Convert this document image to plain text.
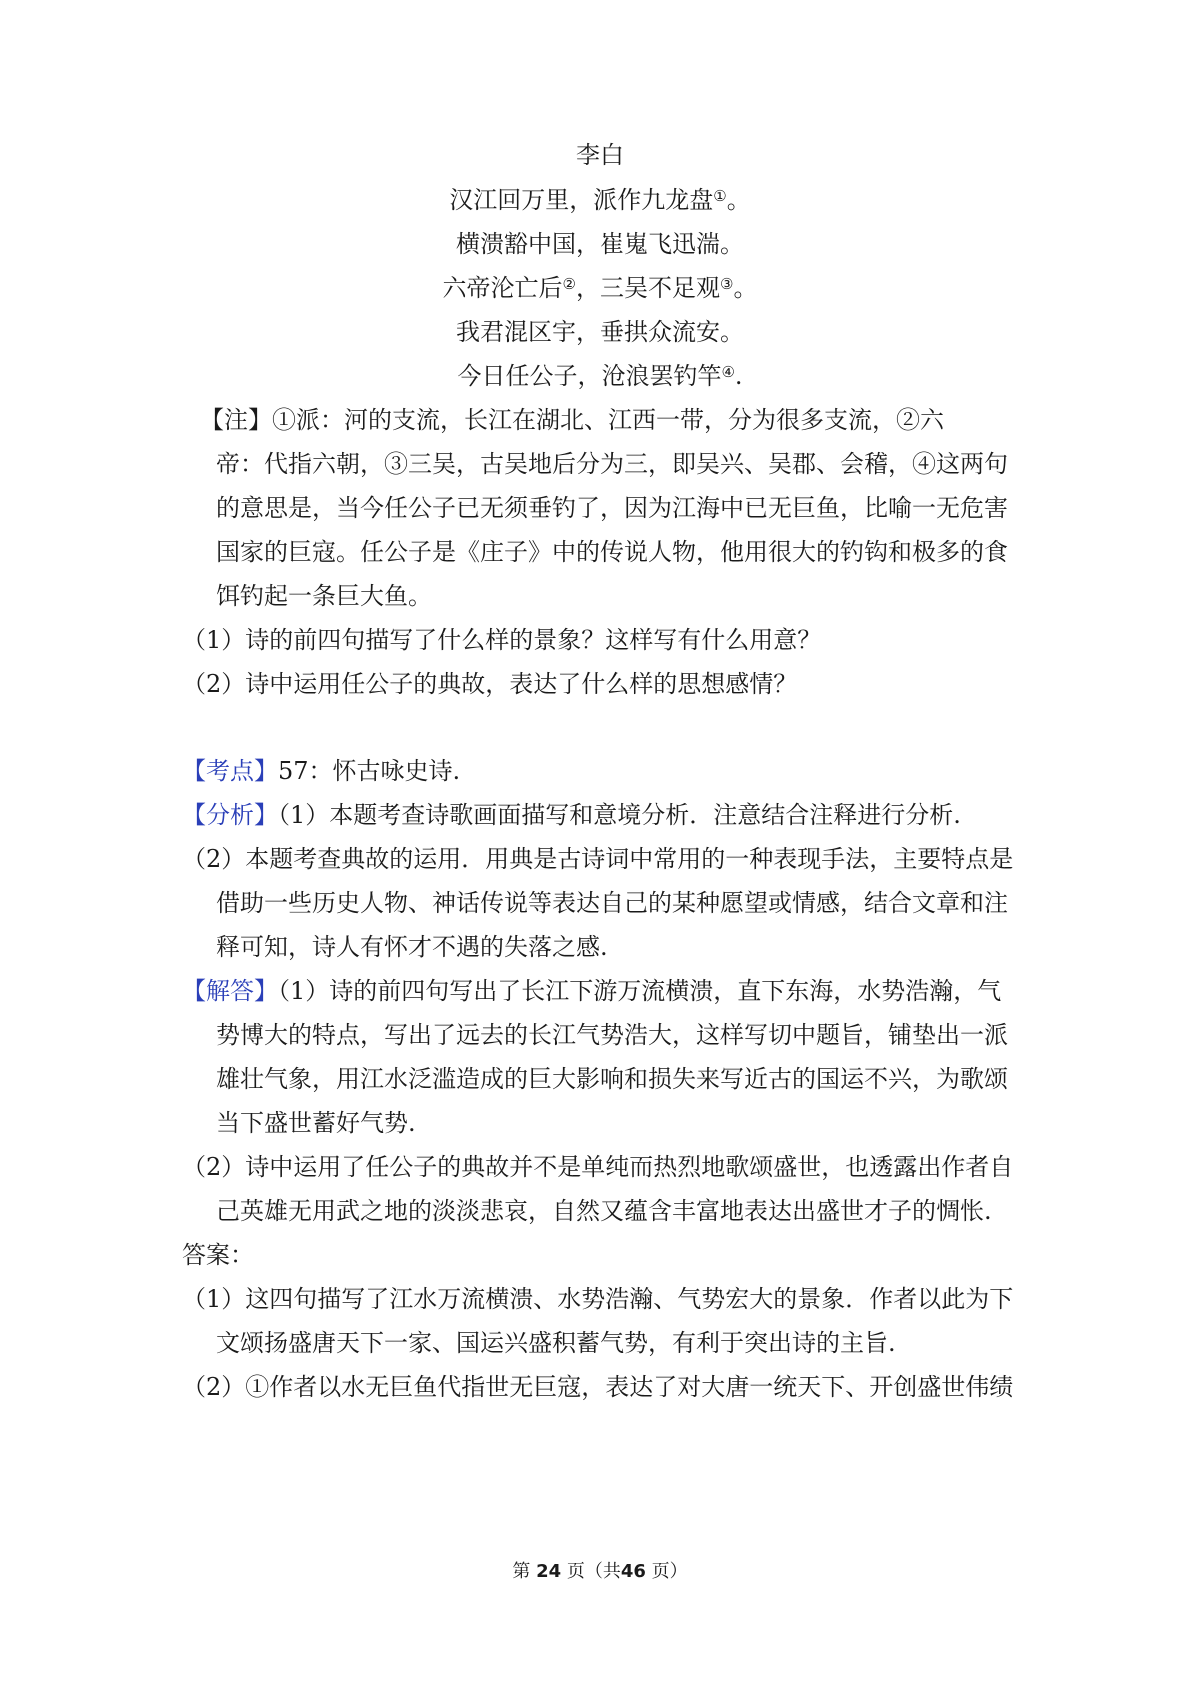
李白
汉江回万里，派作九龙盘①。
横溃豁中国，崔嵬飞迅湍。
六帝沦亡后②，三吴不足观③。
我君混区宇，垂拱众流安。
今日任公子，沧浪罢钓竿④.
【注】①派：河的支流，长江在湖北、江西一带，分为很多支流，②六
帝：代指六朝，③三吴，古吴地后分为三，即吴兴、吴郡、会稽，④这两句
的意思是，当今任公子已无须垂钓了，因为江海中已无巨鱼，比喻一无危害
国家的巨寇。任公子是《庄子》中的传说人物，他用很大的钓钩和极多的食
饵钓起一条巨大鱼。
（1）诗的前四句描写了什么样的景象？这样写有什么用意？
（2）诗中运用任公子的典故，表达了什么样的思想感情？
【考点】57：怀古咏史诗.
【分析】（1）本题考查诗歌画面描写和意境分析．注意结合注释进行分析.
（2）本题考查典故的运用．用典是古诗词中常用的一种表现手法，主要特点是
借助一些历史人物、神话传说等表达自己的某种愿望或情感，结合文章和注
释可知，诗人有怀才不遇的失落之感.
【解答】（1）诗的前四句写出了长江下游万流横溃，直下东海，水势浩瀚，气
势博大的特点，写出了远去的长江气势浩大，这样写切中题旨，铺垫出一派
雄壮气象，用江水泛滥造成的巨大影响和损失来写近古的国运不兴，为歌颂
当下盛世蓄好气势.
（2）诗中运用了任公子的典故并不是单纯而热烈地歌颂盛世，也透露出作者自
己英雄无用武之地的淡淡悲哀，自然又蕴含丰富地表达出盛世才子的惆怅.
答案：
（1）这四句描写了江水万流横溃、水势浩瀚、气势宏大的景象．作者以此为下
文颂扬盛唐天下一家、国运兴盛积蓄气势，有利于突出诗的主旨.
（2）①作者以水无巨鱼代指世无巨寇，表达了对大唐一统天下、开创盛世伟绩
第 24 页（共46 页）
